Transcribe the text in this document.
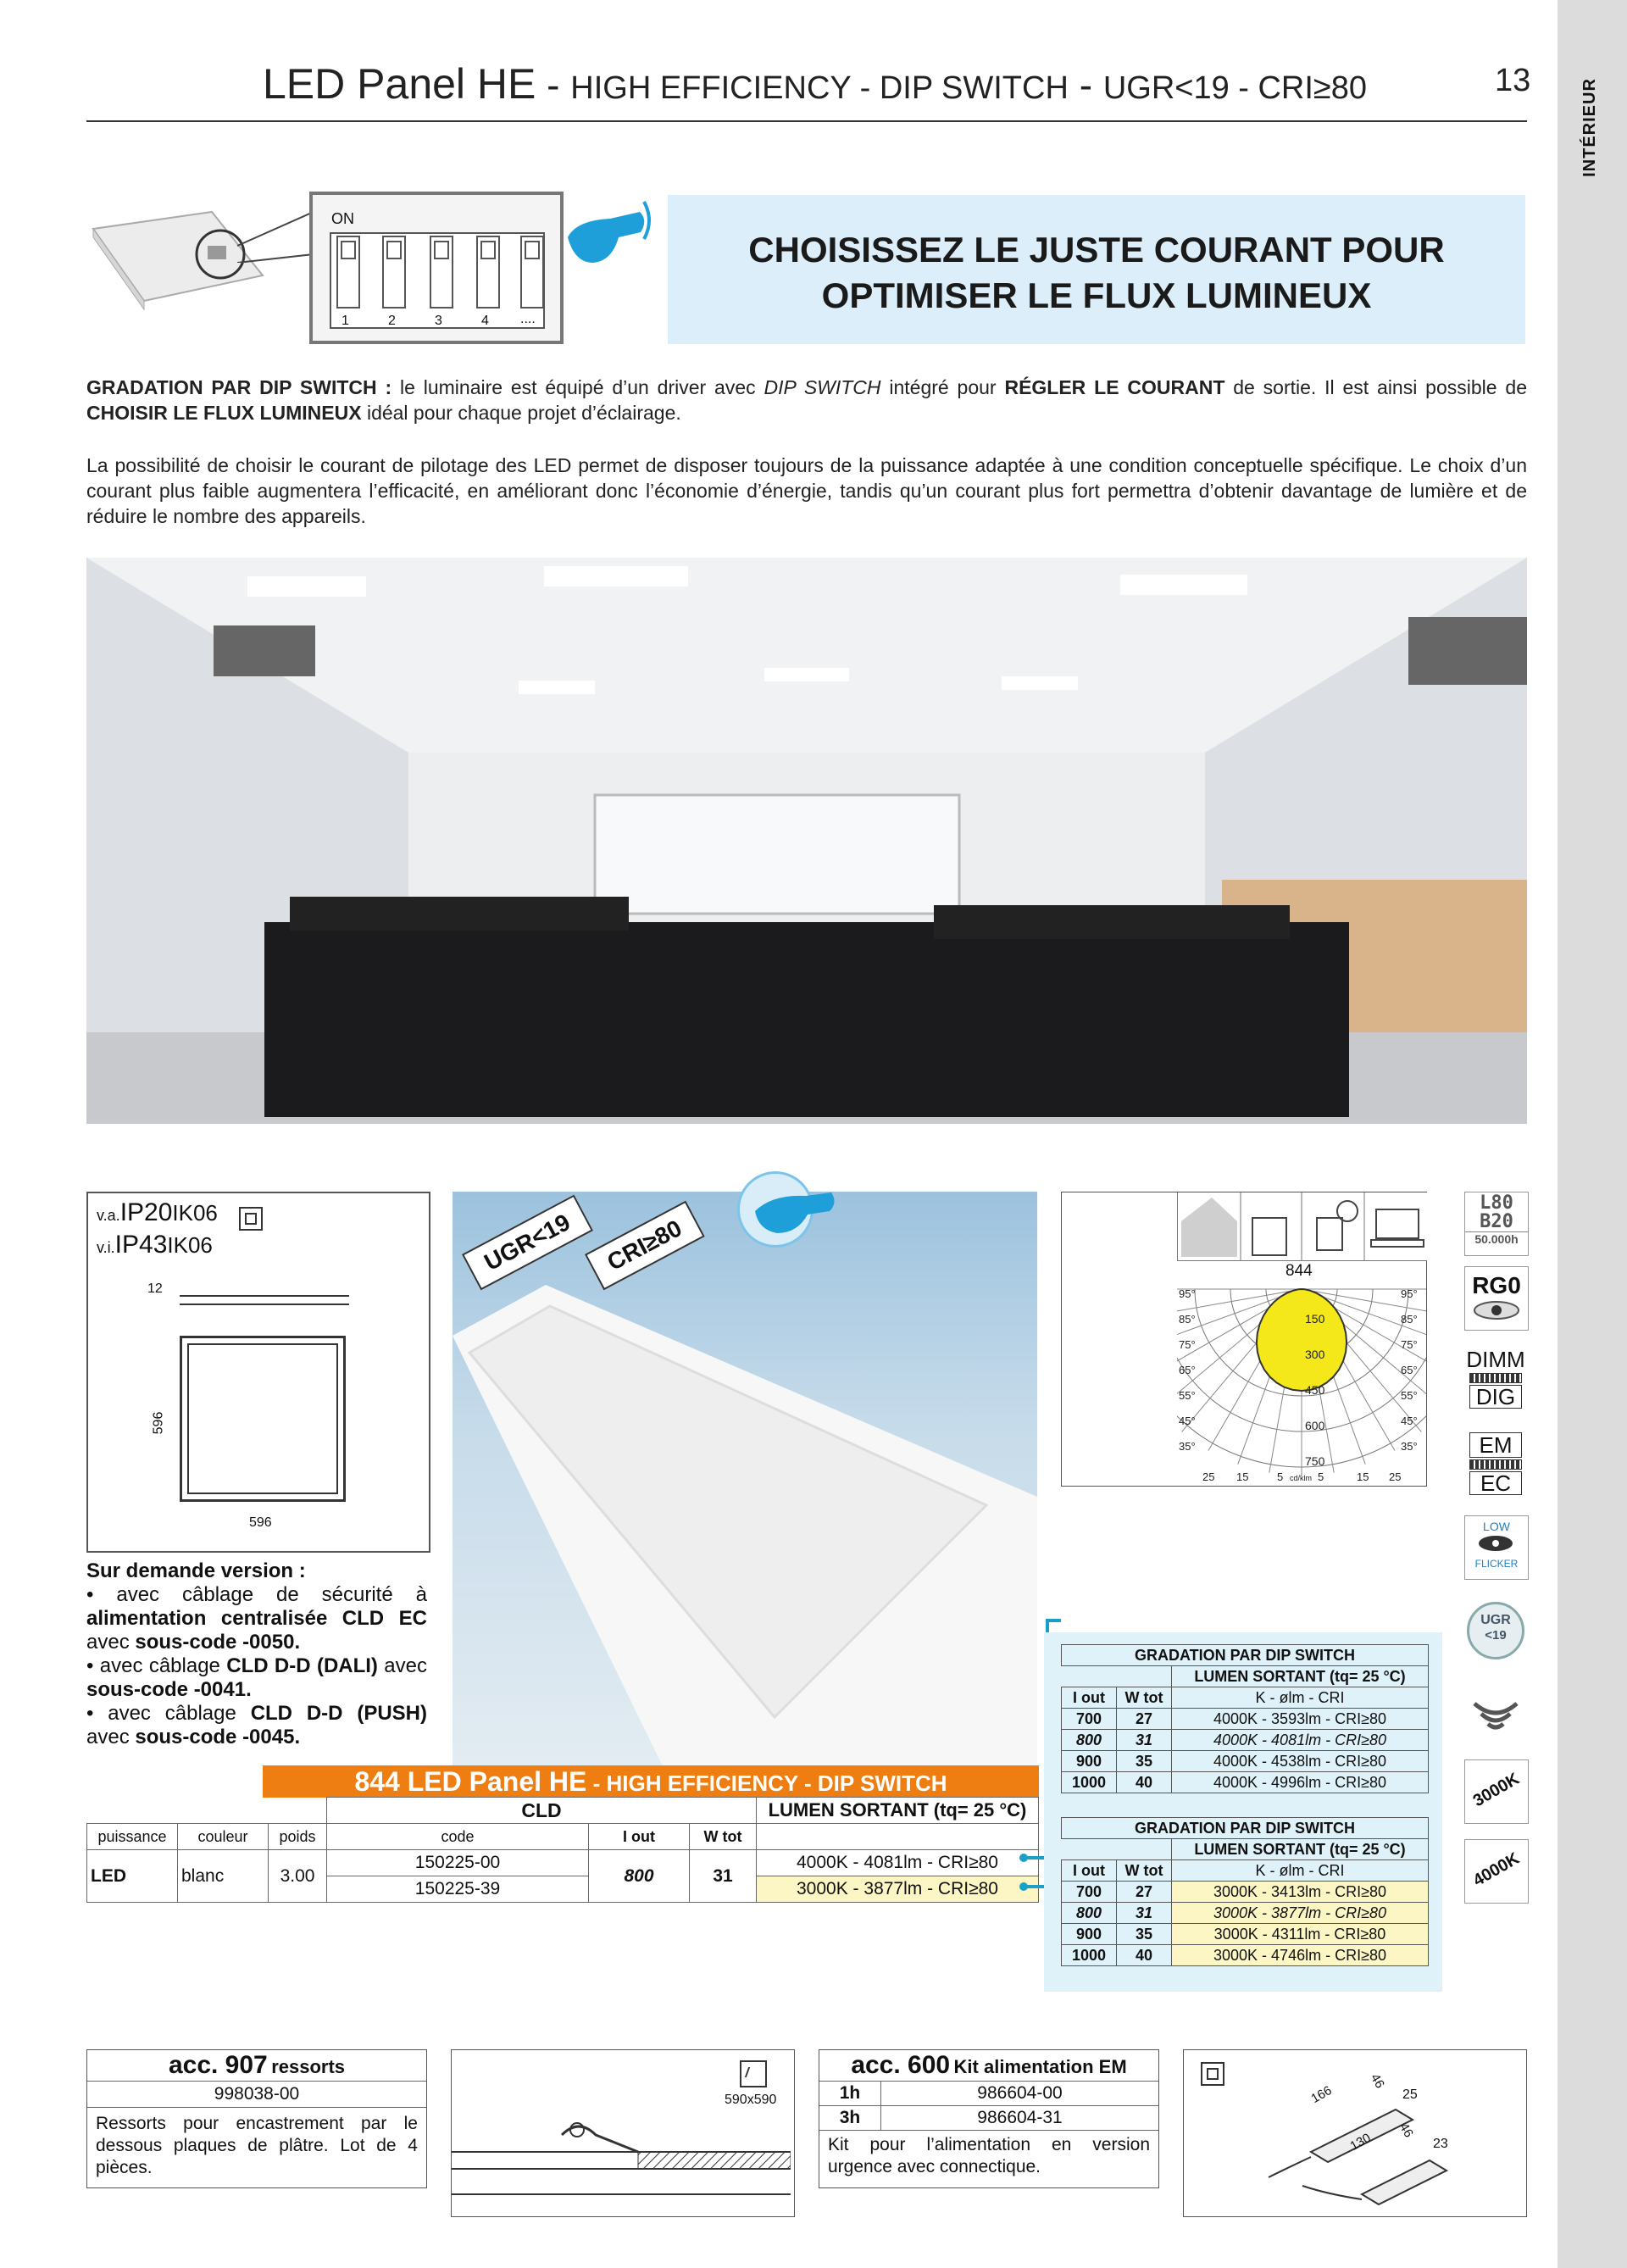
INTÉRIEUR
LED Panel HE - HIGH EFFICIENCY - DIP SWITCH - UGR<19 - CRI≥80	13
ON
1	2	3	4 ....
CHOISISSEZ LE JUSTE COURANT POUR
OPTIMISER LE FLUX LUMINEUX
GRADATION PAR DIP SWITCH : le luminaire est équipé d’un driver avec DIP SWITCH intégré pour RÉGLER LE COURANT de sortie. Il est ainsi possible de CHOISIR LE FLUX LUMINEUX idéal pour chaque projet d’éclairage.
La possibilité de choisir le courant de pilotage des LED permet de disposer toujours de la puissance adaptée à une condition conceptuelle spécifique. Le choix d’un courant plus faible augmentera l’efficacité, en améliorant donc l’économie d’énergie, tandis qu’un courant plus fort permettra d’obtenir davantage de lumière et de réduire le nombre des appareils.
v.a.IP20IK06
v.i.IP43IK06
12
596
596
UGR<19	CRI≥80	844
150
300
450
600
750
95°
85°
75°
65°
55°
45°
35°
95°
85°
75°
65°
55°
45°
35°
25 15	5	5	15 25
cd/klm
L80
B20
50.000h
RG0
DIMM
DIG
EM
EC
LOW
FLICKER
UGR
<19
3000K
4000K
Sur demande version :
• avec câblage de sécurité à alimentation centralisée CLD EC avec sous-code -0050.
• avec câblage CLD D-D (DALI) avec sous-code -0041.
• avec câblage CLD D-D (PUSH) avec sous-code -0045.
844 LED Panel HE - HIGH EFFICIENCY - DIP SWITCH
			CLD			LUMEN SORTANT (tq= 25 °C)
puissance	couleur	poids	code	I out	W tot	
LED	blanc	3.00	150225-00	800	31	4000K - 4081lm - CRI≥80
			150225-39			3000K - 3877lm - CRI≥80
GRADATION PAR DIP SWITCH		
		LUMEN SORTANT (tq= 25 °C)
I out	W tot	K - ølm - CRI
700	27	4000K - 3593lm - CRI≥80
800	31	4000K - 4081lm - CRI≥80
900	35	4000K - 4538lm - CRI≥80
1000	40	4000K - 4996lm - CRI≥80
GRADATION PAR DIP SWITCH		
		LUMEN SORTANT (tq= 25 °C)
I out	W tot	K - ølm - CRI
700	27	3000K - 3413lm - CRI≥80
800	31	3000K - 3877lm - CRI≥80
900	35	3000K - 4311lm - CRI≥80
1000	40	3000K - 4746lm - CRI≥80
acc. 907 ressorts
998038-00
Ressorts pour encastrement par le dessous plaques de plâtre. Lot de 4 pièces.
590x590
acc. 600 Kit alimentation EM
1h	986604-00
3h	986604-31
Kit pour l’alimentation en version urgence avec connectique.
166
46
25
130
46
23
